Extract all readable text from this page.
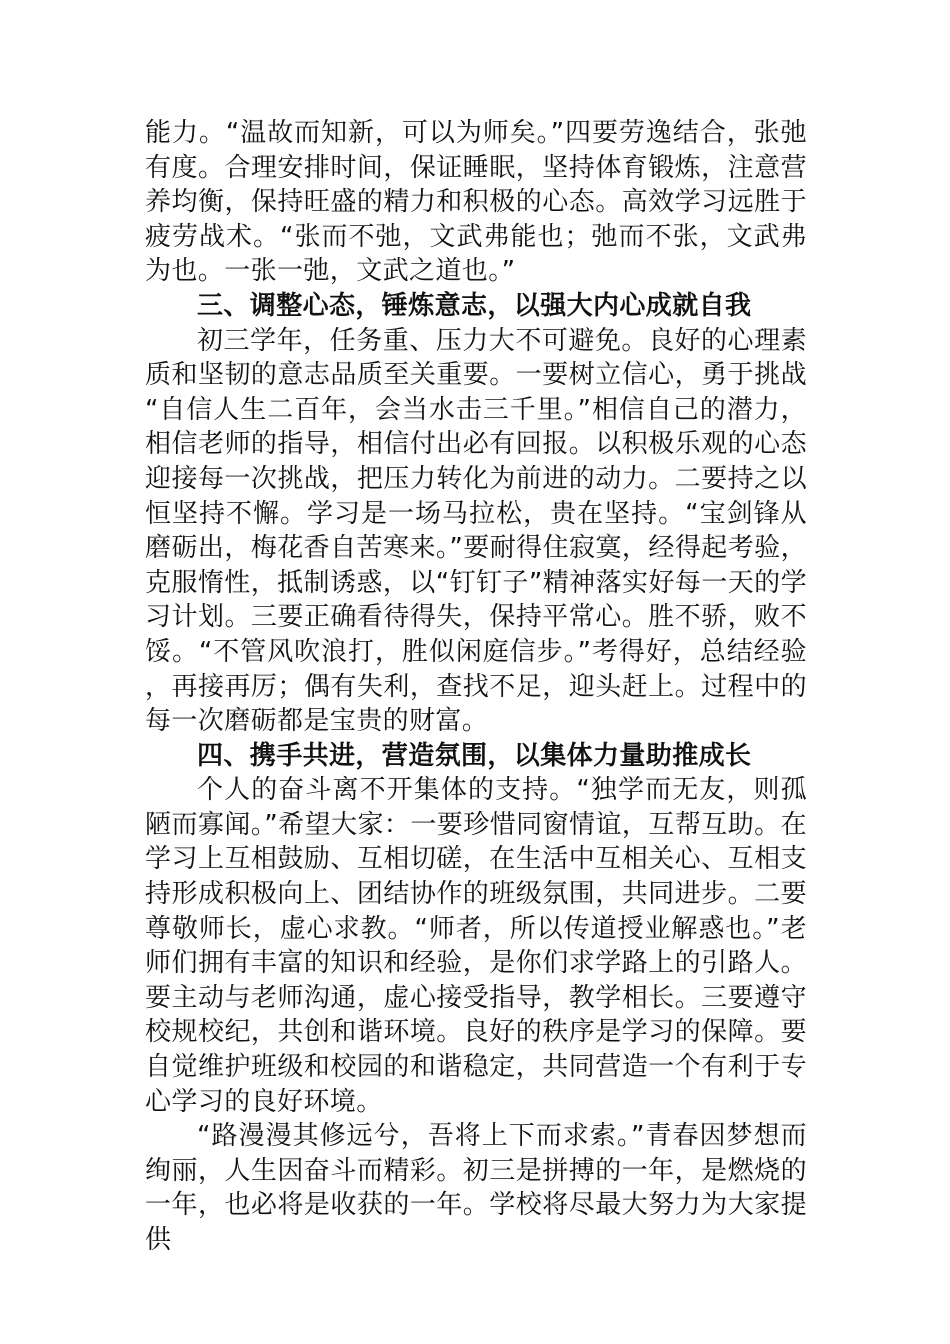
能力。“温故而知新，可以为师矣。”四要劳逸结合，张弛有度。合理安排时间，保证睡眠，坚持体育锻炼，注意营养均衡，保持旺盛的精力和积极的心态。高效学习远胜于疲劳战术。“张而不弛，文武弗能也；弛而不张，文武弗为也。一张一弛，文武之道也。”

三、调整心态，锤炼意志，以强大内心成就自我

初三学年，任务重、压力大不可避免。良好的心理素质和坚韧的意志品质至关重要。一要树立信心，勇于挑战“自信人生二百年，会当水击三千里。”相信自己的潜力，相信老师的指导，相信付出必有回报。以积极乐观的心态迎接每一次挑战，把压力转化为前进的动力。二要持之以恒坚持不懈。学习是一场马拉松，贵在坚持。“宝剑锋从磨砺出，梅花香自苦寒来。”要耐得住寂寞，经得起考验，克服惰性，抵制诱惑，以“钉钉子”精神落实好每一天的学习计划。三要正确看待得失，保持平常心。胜不骄，败不馁。“不管风吹浪打，胜似闲庭信步。”考得好，总结经验，再接再厉；偶有失利，查找不足，迎头赶上。过程中的每一次磨砺都是宝贵的财富。

四、携手共进，营造氛围，以集体力量助推成长

个人的奋斗离不开集体的支持。“独学而无友，则孤陋而寡闻。”希望大家：一要珍惜同窗情谊，互帮互助。在学习上互相鼓励、互相切磋，在生活中互相关心、互相支持形成积极向上、团结协作的班级氛围，共同进步。二要尊敬师长，虚心求教。“师者，所以传道授业解惑也。”老师们拥有丰富的知识和经验，是你们求学路上的引路人。要主动与老师沟通，虚心接受指导，教学相长。三要遵守校规校纪，共创和谐环境。良好的秩序是学习的保障。要自觉维护班级和校园的和谐稳定，共同营造一个有利于专心学习的良好环境。

“路漫漫其修远兮，吾将上下而求索。”青春因梦想而绚丽，人生因奋斗而精彩。初三是拼搏的一年，是燃烧的一年，也必将是收获的一年。学校将尽最大努力为大家提供
